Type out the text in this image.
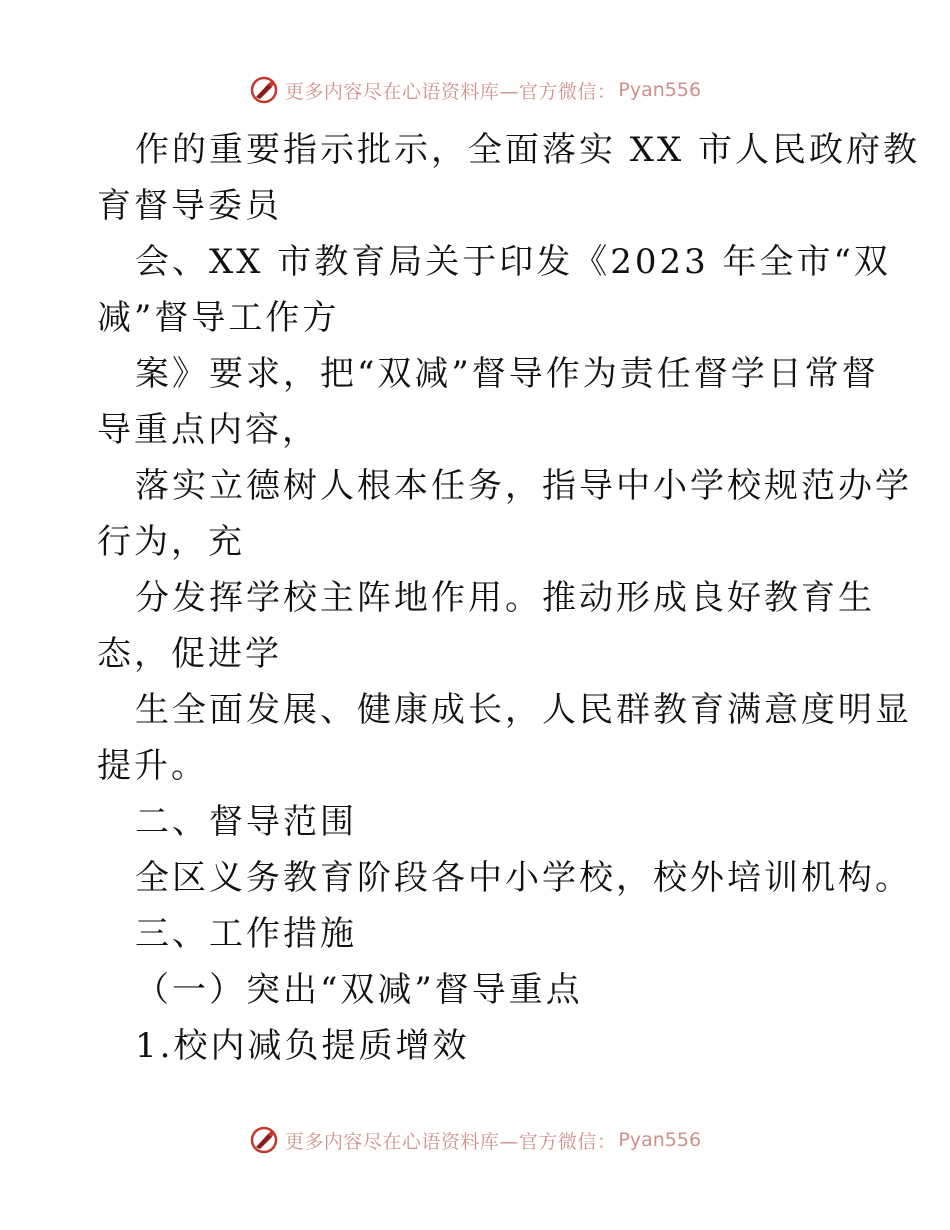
更多内容尽在心语资料库—官方微信： Pyan556
作的重要指示批示，全面落实 XX 市人民政府教
育督导委员
会、XX 市教育局关于印发《2023 年全市“双
减”督导工作方
案》要求，把“双减”督导作为责任督学日常督
导重点内容，
落实立德树人根本任务，指导中小学校规范办学
行为，充
分发挥学校主阵地作用。推动形成良好教育生
态，促进学
生全面发展、健康成长，人民群教育满意度明显
提升。
二、督导范围
全区义务教育阶段各中小学校，校外培训机构。
三、工作措施
（一）突出“双减”督导重点
1.校内减负提质增效
更多内容尽在心语资料库—官方微信： Pyan556
